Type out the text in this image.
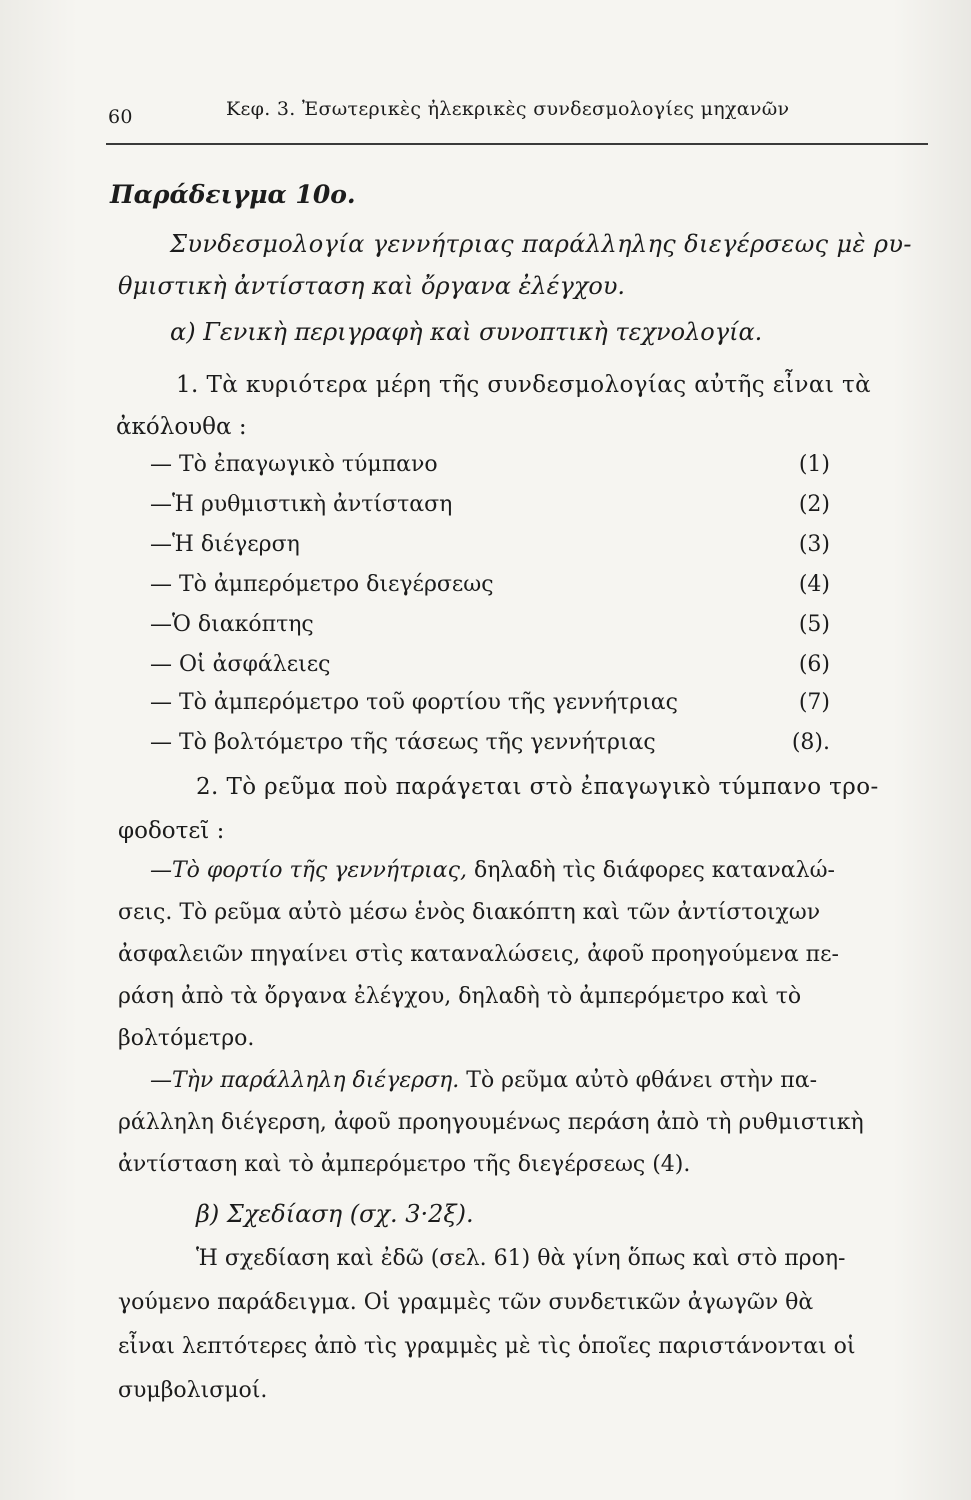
60	Κεφ. 3. Ἐσωτερικὲς ἠλεκρικὲς συνδεσμολογίες μηχανῶν
Παράδειγμα 10ο.
Συνδεσμολογία γεννήτριας παράλληλης διεγέρσεως μὲ ρυ-
θμιστικὴ ἀντίσταση καὶ ὄργανα ἐλέγχου.
α) Γενικὴ περιγραφὴ καὶ συνοπτικὴ τεχνολογία.
1. Τὰ κυριότερα μέρη τῆς συνδεσμολογίας αὐτῆς εἶναι τὰ
ἀκόλουθα :
— Τὸ ἐπαγωγικὸ τύμπανο	(1)
—Ἡ ρυθμιστικὴ ἀντίσταση	(2)
—Ἡ διέγερση	(3)
— Τὸ ἀμπερόμετρο διεγέρσεως	(4)
—Ὁ διακόπτης	(5)
— Οἱ ἀσφάλειες	(6)
— Τὸ ἀμπερόμετρο τοῦ φορτίου τῆς γεννήτριας	(7)
— Τὸ βολτόμετρο τῆς τάσεως τῆς γεννήτριας	(8).
2. Τὸ ρεῦμα ποὺ παράγεται στὸ ἐπαγωγικὸ τύμπανο τρο-
φοδοτεῖ :
—Τὸ φορτίο τῆς γεννήτριας, δηλαδὴ τὶς διάφορες καταναλώ-
σεις. Τὸ ρεῦμα αὐτὸ μέσω ἑνὸς διακόπτη καὶ τῶν ἀντίστοιχων
ἀσφαλειῶν πηγαίνει στὶς καταναλώσεις, ἀφοῦ προηγούμενα πε-
ράση ἀπὸ τὰ ὄργανα ἐλέγχου, δηλαδὴ τὸ ἀμπερόμετρο καὶ τὸ
βολτόμετρο.
—Τὴν παράλληλη διέγερση. Τὸ ρεῦμα αὐτὸ φθάνει στὴν πα-
ράλληλη διέγερση, ἀφοῦ προηγουμένως περάση ἀπὸ τὴ ρυθμιστικὴ
ἀντίσταση καὶ τὸ ἀμπερόμετρο τῆς διεγέρσεως (4).
β) Σχεδίαση (σχ. 3·2ξ).
Ἡ σχεδίαση καὶ ἐδῶ (σελ. 61) θὰ γίνη ὅπως καὶ στὸ προη-
γούμενο παράδειγμα. Οἱ γραμμὲς τῶν συνδετικῶν ἀγωγῶν θὰ
εἶναι λεπτότερες ἀπὸ τὶς γραμμὲς μὲ τὶς ὁποῖες παριστάνονται οἱ
συμβολισμοί.
